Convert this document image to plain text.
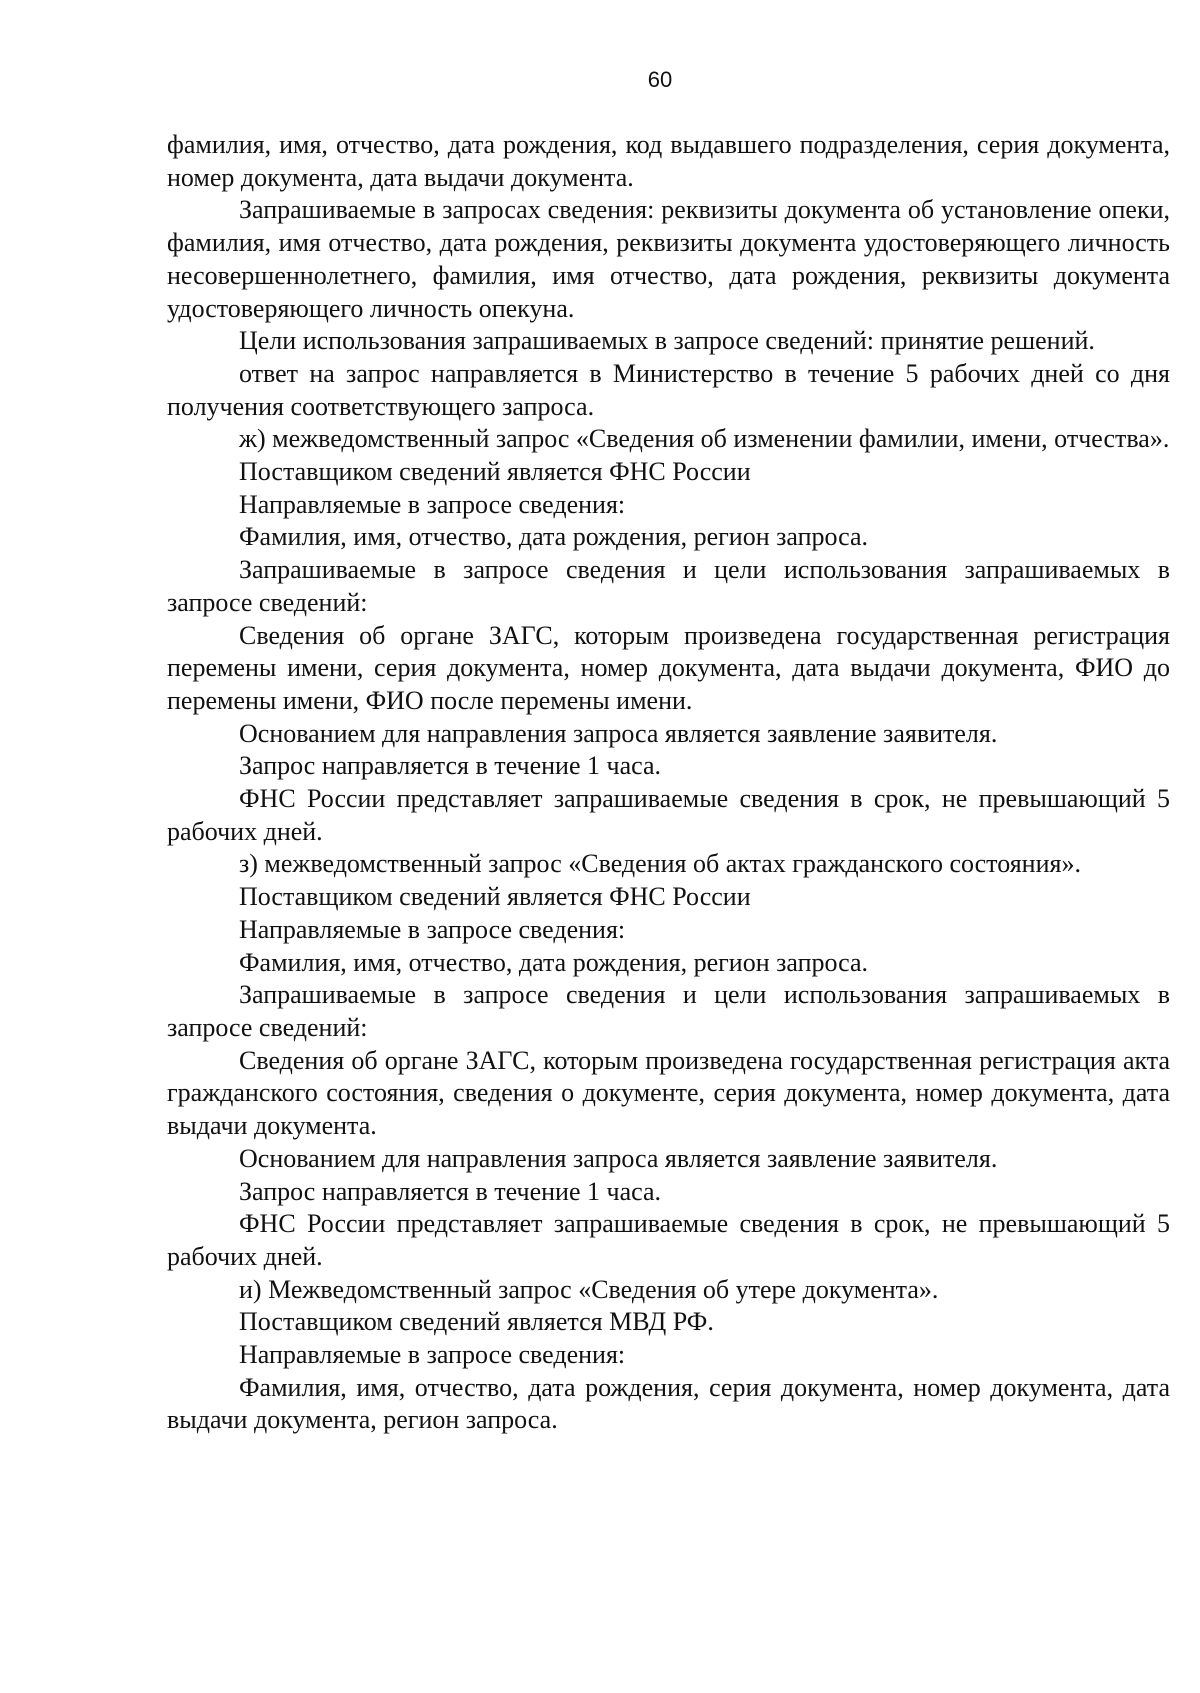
60

фамилия, имя, отчество, дата рождения, код выдавшего подразделения, серия документа, номер документа, дата выдачи документа.

Запрашиваемые в запросах сведения: реквизиты документа об установление опеки, фамилия, имя отчество, дата рождения, реквизиты документа удостоверяющего личность несовершеннолетнего, фамилия, имя отчество, дата рождения, реквизиты документа удостоверяющего личность опекуна.

Цели использования запрашиваемых в запросе сведений: принятие решений.

ответ на запрос направляется в Министерство в течение 5 рабочих дней со дня получения соответствующего запроса.

ж) межведомственный запрос «Сведения об изменении фамилии, имени, отчества».

Поставщиком сведений является ФНС России

Направляемые в запросе сведения:

Фамилия, имя, отчество, дата рождения, регион запроса.

Запрашиваемые в запросе сведения и цели использования запрашиваемых в запросе сведений:

Сведения об органе ЗАГС, которым произведена государственная регистрация перемены имени, серия документа, номер документа, дата выдачи документа, ФИО до перемены имени, ФИО после перемены имени.

Основанием для направления запроса является заявление заявителя.

Запрос направляется в течение 1 часа.

ФНС России представляет запрашиваемые сведения в срок, не превышающий 5 рабочих дней.

з) межведомственный запрос «Сведения об актах гражданского состояния».

Поставщиком сведений является ФНС России

Направляемые в запросе сведения:

Фамилия, имя, отчество, дата рождения, регион запроса.

Запрашиваемые в запросе сведения и цели использования запрашиваемых в запросе сведений:

Сведения об органе ЗАГС, которым произведена государственная регистрация акта гражданского состояния, сведения о документе, серия документа, номер документа, дата выдачи документа.

Основанием для направления запроса является заявление заявителя.

Запрос направляется в течение 1 часа.

ФНС России представляет запрашиваемые сведения в срок, не превышающий 5 рабочих дней.

и) Межведомственный запрос «Сведения об утере документа».

Поставщиком сведений является МВД РФ.

Направляемые в запросе сведения:

Фамилия, имя, отчество, дата рождения, серия документа, номер документа, дата выдачи документа, регион запроса.
